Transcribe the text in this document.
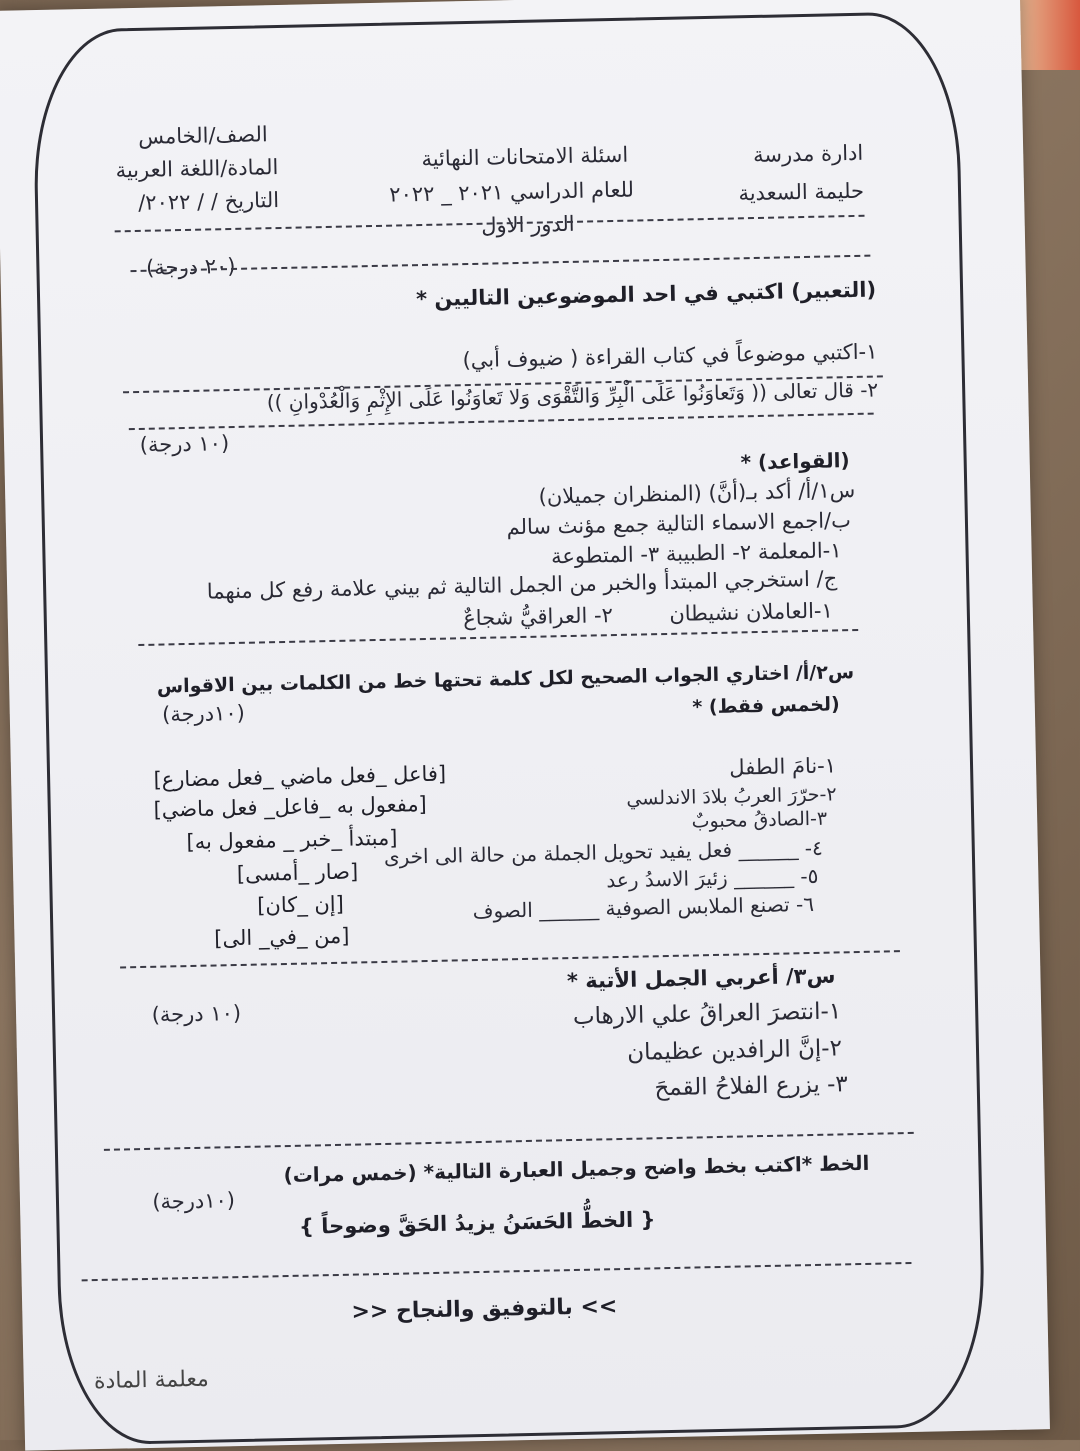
ادارة مدرسة
حليمة السعدية
اسئلة الامتحانات النهائية
للعام الدراسي ٢٠٢١ _ ٢٠٢٢
الدور الاول
الصف/الخامس
المادة/اللغة العربية
التاريخ / / ٢٠٢٢/
(٢٠ درجة)
(التعبير) اكتبي في احد الموضوعين التاليين *
١-اكتبي موضوعاً في كتاب القراءة ( ضيوف أبي)
٢- قال تعالى (( وَتَعاوَنُوا عَلَى الْبِرِّ وَالتَّقْوَى وَلا تَعاوَنُوا عَلَى الإِثْمِ وَالْعُدْوانِ ))
(١٠ درجة)
(القواعد) *
س١/أ/ أكد بـ(أنَّ) (المنظران جميلان)
ب/اجمع الاسماء التالية جمع مؤنث سالم
١-المعلمة ٢- الطبيبة ٣- المتطوعة
ج/ استخرجي المبتدأ والخبر من الجمل التالية ثم بيني علامة رفع كل منهما
١-العاملان نشيطان
٢- العراقيُّ شجاعٌ
س٢/أ/ اختاري الجواب الصحيح لكل كلمة تحتها خط من الكلمات بين الاقواس
(لخمس فقط) *
(١٠درجة)
١-نامَ الطفل
٢-حرّرَ العربُ بلادَ الاندلسي
٣-الصادقُ محبوبٌ
٤- ______ فعل يفيد تحويل الجملة من حالة الى اخرى
٥- ______ زئيرَ الاسدُ رعد
٦- تصنع الملابس الصوفية ______ الصوف
[فاعل _فعل ماضي _فعل مضارع]
[مفعول به _فاعل_ فعل ماضي]
[مبتدأ _خبر _ مفعول به]
[صار _أمسى]
[إن _كان]
[من _في_ الى]
س٣/ أعربي الجمل الأتية *
(١٠ درجة)	١-انتصرَ العراقُ علي الارهاب
٢-إنَّ الرافدين عظيمان
٣- يزرع الفلاحُ القمحَ
الخط *اكتب بخط واضح وجميل العبارة التالية* (خمس مرات)
(١٠درجة)
{ الخطُّ الحَسَنُ يزيدُ الحَقَّ وضوحاً }
>> بالتوفيق والنجاح <<
معلمة المادة
